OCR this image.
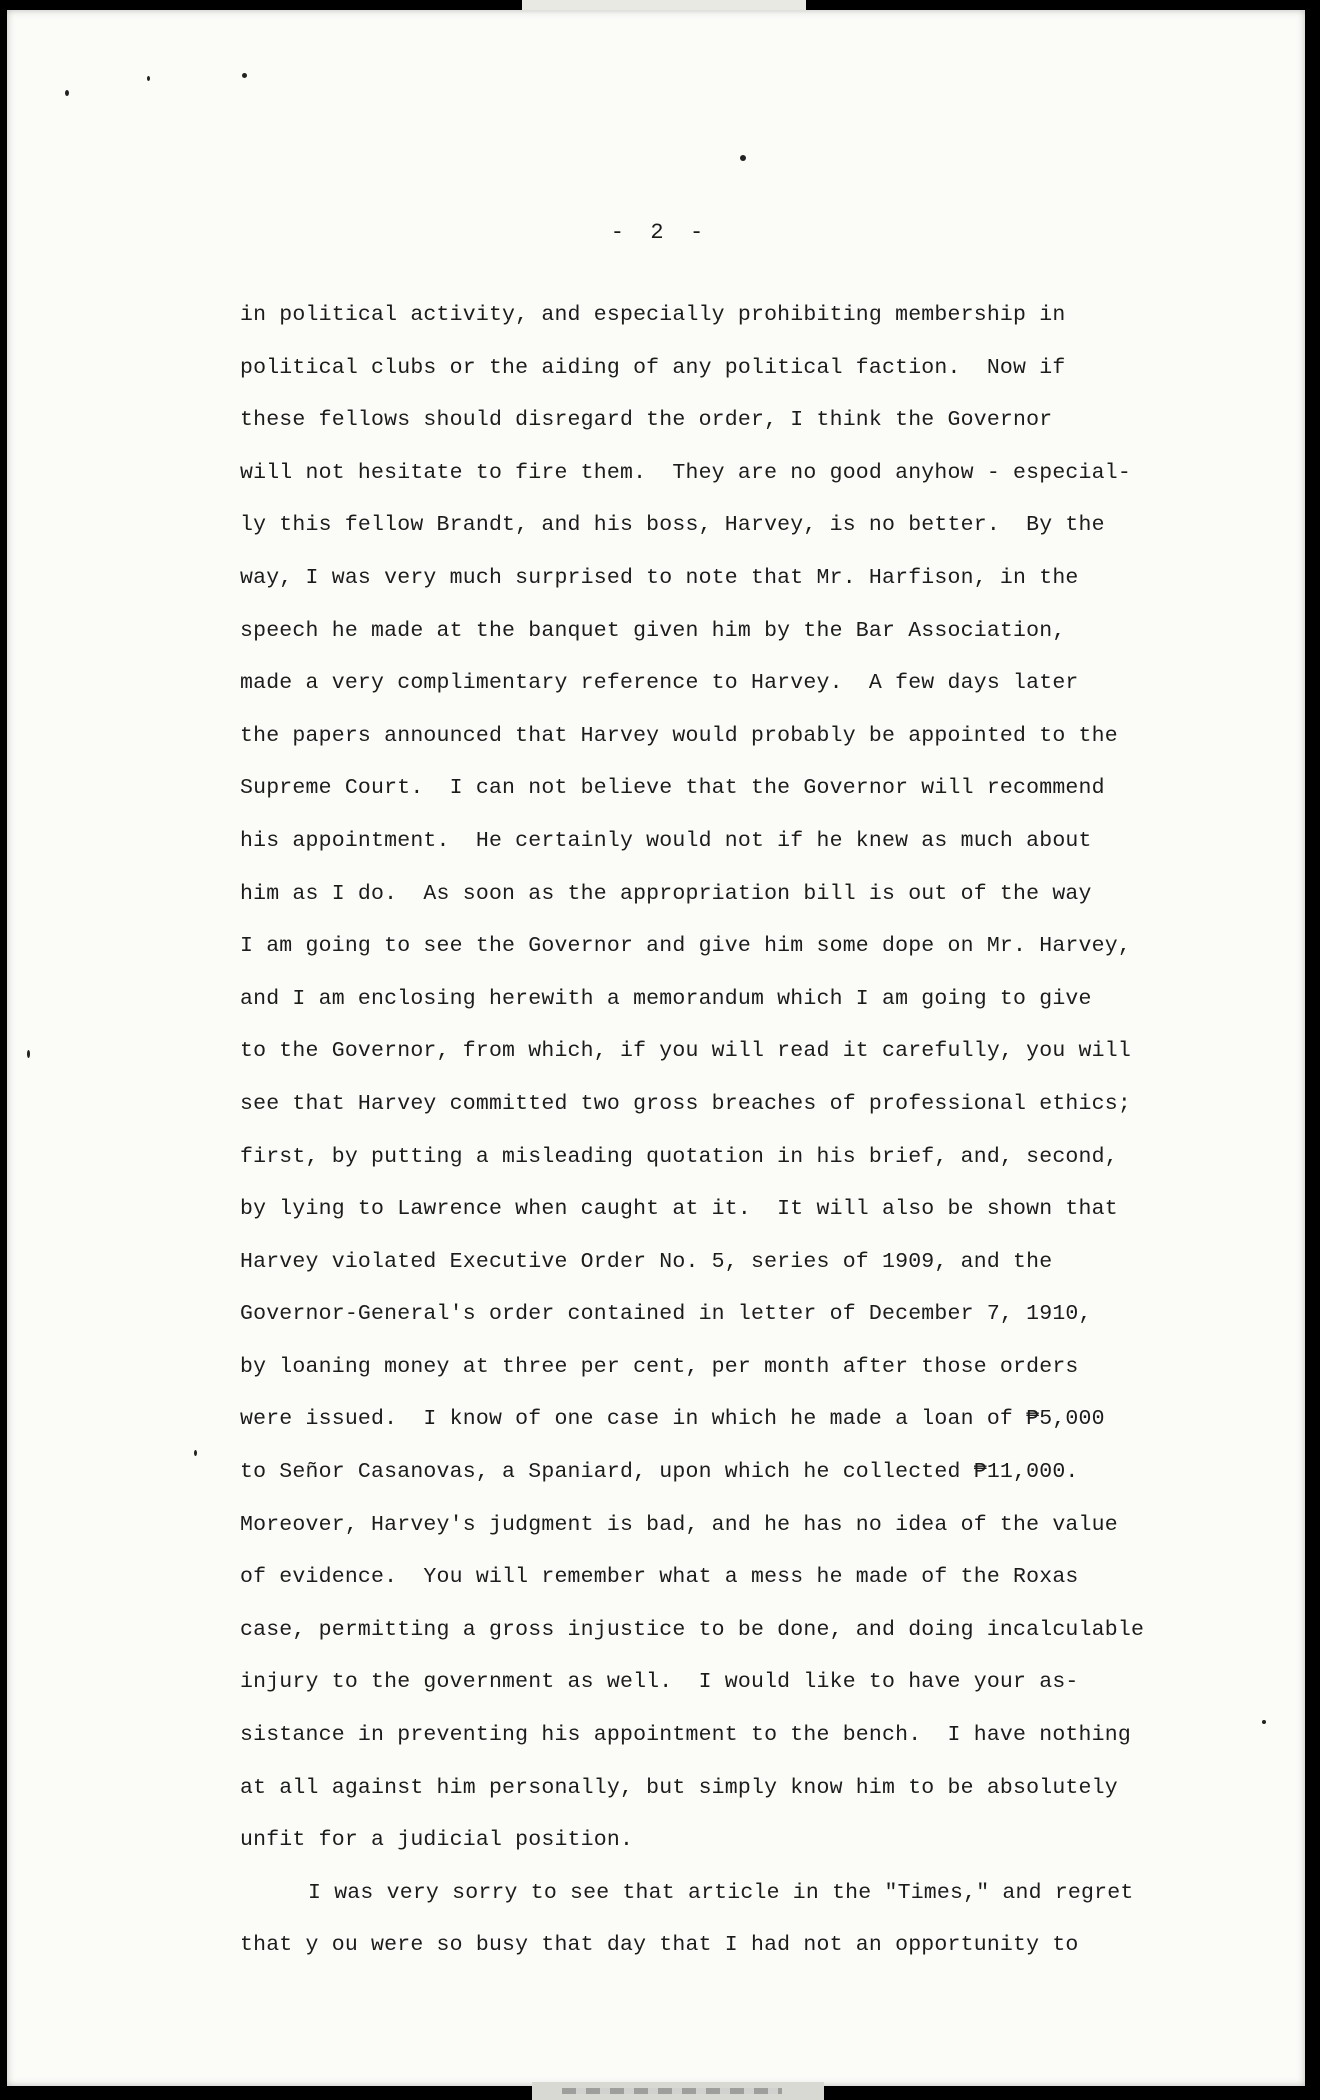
-  2  -
in political activity, and especially prohibiting membership in
political clubs or the aiding of any political faction.  Now if
these fellows should disregard the order, I think the Governor
will not hesitate to fire them.  They are no good anyhow - especial-
ly this fellow Brandt, and his boss, Harvey, is no better.  By the
way, I was very much surprised to note that Mr. Harfison, in the
speech he made at the banquet given him by the Bar Association,
made a very complimentary reference to Harvey.  A few days later
the papers announced that Harvey would probably be appointed to the
Supreme Court.  I can not believe that the Governor will recommend
his appointment.  He certainly would not if he knew as much about
him as I do.  As soon as the appropriation bill is out of the way
I am going to see the Governor and give him some dope on Mr. Harvey,
and I am enclosing herewith a memorandum which I am going to give
to the Governor, from which, if you will read it carefully, you will
see that Harvey committed two gross breaches of professional ethics;
first, by putting a misleading quotation in his brief, and, second,
by lying to Lawrence when caught at it.  It will also be shown that
Harvey violated Executive Order No. 5, series of 1909, and the
Governor-General's order contained in letter of December 7, 1910,
by loaning money at three per cent, per month after those orders
were issued.  I know of one case in which he made a loan of ₱5,000
to Señor Casanovas, a Spaniard, upon which he collected ₱11,000.
Moreover, Harvey's judgment is bad, and he has no idea of the value
of evidence.  You will remember what a mess he made of the Roxas
case, permitting a gross injustice to be done, and doing incalculable
injury to the government as well.  I would like to have your as-
sistance in preventing his appointment to the bench.  I have nothing
at all against him personally, but simply know him to be absolutely
unfit for a judicial position.
I was very sorry to see that article in the "Times," and regret
that y ou were so busy that day that I had not an opportunity to
